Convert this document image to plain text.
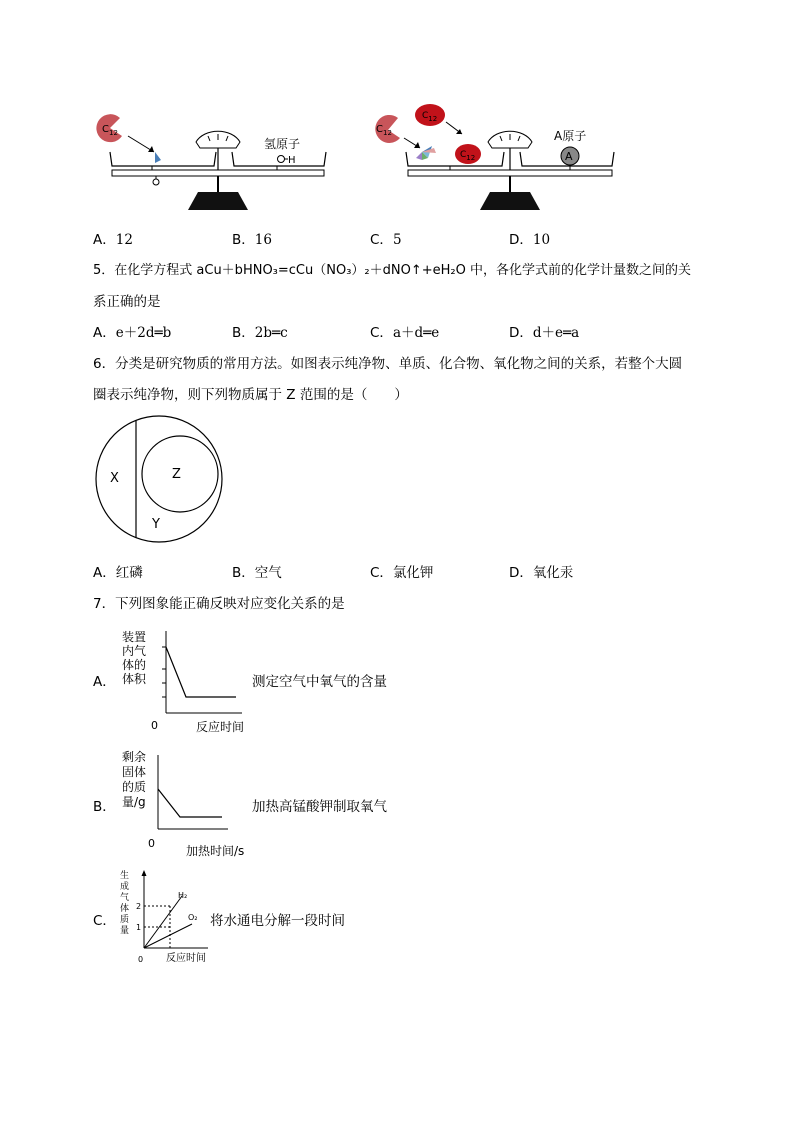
$C_{12}$
氢原子
H
$C_{12}$
$C_{12}$
$C_{12}$
A原子
A
A．12	B．16	C．5	D．10
5．在化学方程式 aCu＋bHNO₃=cCu（NO₃）₂＋dNO↑+eH₂O 中，各化学式前的化学计量数之间的关
系正确的是
A．e＋2d═b	B．2b═c	C．a＋d═e	D．d＋e═a
6．分类是研究物质的常用方法。如图表示纯净物、单质、化合物、氧化物之间的关系，若整个大圆
圈表示纯净物，则下列物质属于 Z 范围的是（　　）
X	Z
Y
A．红磷	B．空气	C．氯化钾	D．氧化汞
7．下列图象能正确反映对应变化关系的是
A．
装置
内气
体的
体积
0	反应时间
测定空气中氧气的含量
B．
剩余
固体
的质
量/g
0
加热时间/s
加热高锰酸钾制取氧气
C．
生
成
气
体
质
量
2
1
H₂
O₂
0 反应时间
将水通电分解一段时间
